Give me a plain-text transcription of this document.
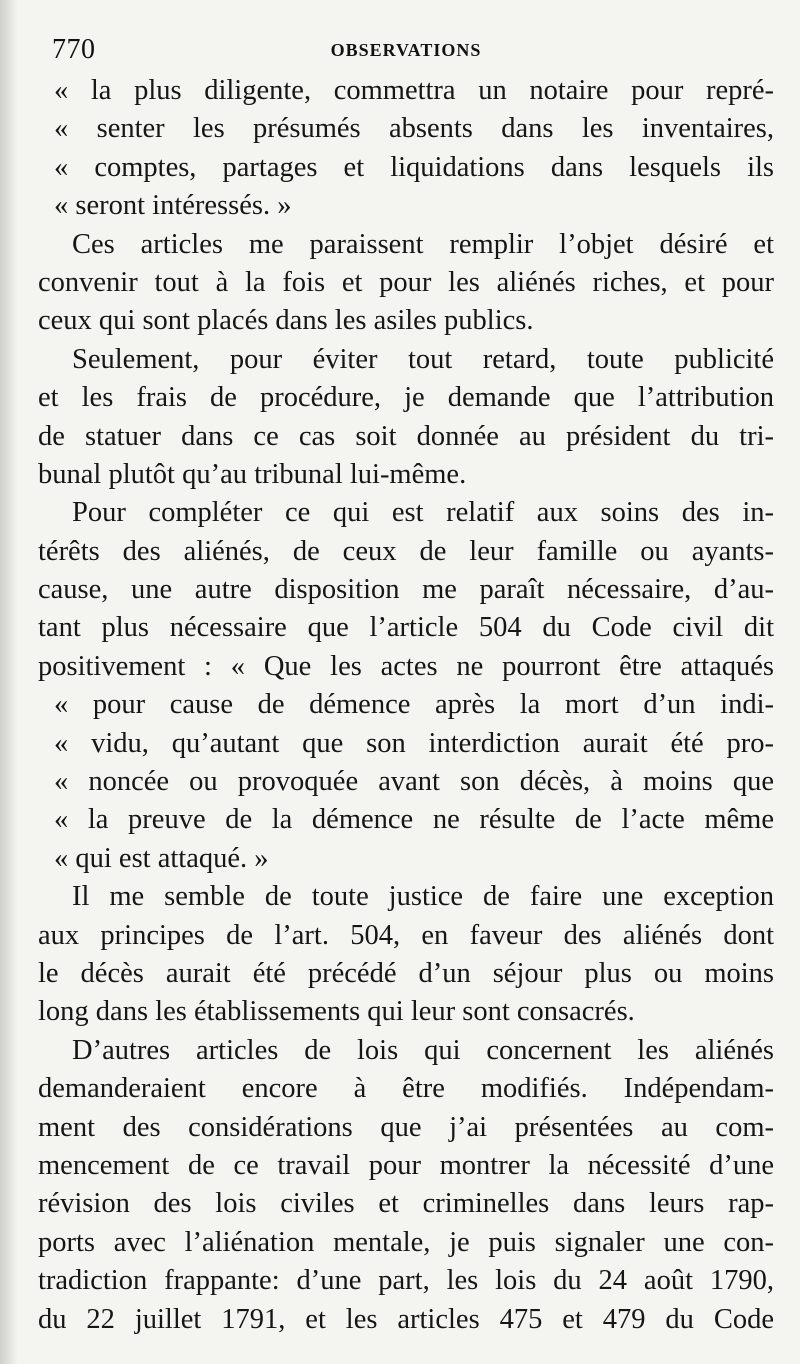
770	OBSERVATIONS
« la plus diligente, commettra un notaire pour repré-
« senter les présumés absents dans les inventaires,
« comptes, partages et liquidations dans lesquels ils
« seront intéressés. »
Ces articles me paraissent remplir l’objet désiré et
convenir tout à la fois et pour les aliénés riches, et pour
ceux qui sont placés dans les asiles publics.
Seulement, pour éviter tout retard, toute publicité
et les frais de procédure, je demande que l’attribution
de statuer dans ce cas soit donnée au président du tri-
bunal plutôt qu’au tribunal lui-même.
Pour compléter ce qui est relatif aux soins des in-
térêts des aliénés, de ceux de leur famille ou ayants-
cause, une autre disposition me paraît nécessaire, d’au-
tant plus nécessaire que l’article 504 du Code civil dit
positivement : « Que les actes ne pourront être attaqués
« pour cause de démence après la mort d’un indi-
« vidu, qu’autant que son interdiction aurait été pro-
« noncée ou provoquée avant son décès, à moins que
« la preuve de la démence ne résulte de l’acte même
« qui est attaqué. »
Il me semble de toute justice de faire une exception
aux principes de l’art. 504, en faveur des aliénés dont
le décès aurait été précédé d’un séjour plus ou moins
long dans les établissements qui leur sont consacrés.
D’autres articles de lois qui concernent les aliénés
demanderaient encore à être modifiés. Indépendam-
ment des considérations que j’ai présentées au com-
mencement de ce travail pour montrer la nécessité d’une
révision des lois civiles et criminelles dans leurs rap-
ports avec l’aliénation mentale, je puis signaler une con-
tradiction frappante: d’une part, les lois du 24 août 1790,
du 22 juillet 1791, et les articles 475 et 479 du Code
